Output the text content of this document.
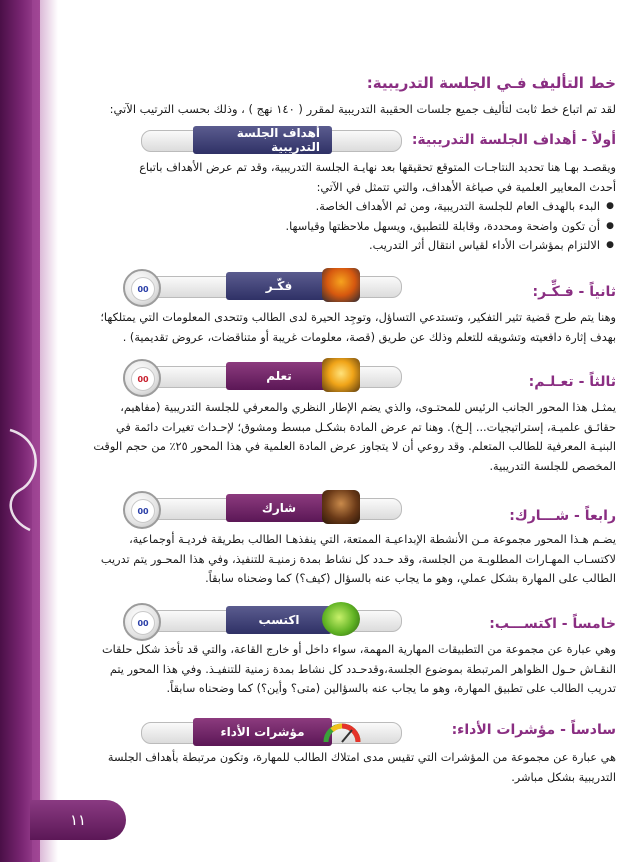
١١
خط التأليف فـي الجلسة التدريبية:
لقد تم اتباع خط ثابت لتأليف جميع جلسات الحقيبة التدريبية لمقرر ( ١٤٠ نهج ) ، وذلك بحسب الترتيب الآتي:
أهداف الجلسة التدريبية	أولاً - أهداف الجلسة التدريبية:
ويقصـد بهـا هنا تحديد النتاجـات المتوقع تحقيقها بعد نهايـة الجلسة التدريبية، وقد تم عرض الأهداف باتباع
أحدث المعايير العلمية في صياغة الأهداف، والتي تتمثل في الآتي:
● البدء بالهدف العام للجلسة التدريبية، ومن ثم الأهداف الخاصة.
● أن تكون واضحة ومحددة، وقابلة للتطبيق، ويسهل ملاحظتها وقياسها.
● الالتزام بمؤشرات الأداء لقياس انتقال أثر التدريب.
00	فكّـر	ثانياً - فـكِّـر:
وهنا يتم طرح قضية تثير التفكير، وتستدعي التساؤل، وتوجِد الحيرة لدى الطالب وتتحدى المعلومات التي يمتلكها؛
بهدف إثارة دافعيته وتشويقه للتعلم وذلك عن طريق (قصة، معلومات غريبة أو متناقضات، عروض تقديمية) .
00	تعلم	ثالثاً - تعـلـم:
يمثـل هذا المحور الجانب الرئيس للمحتـوى، والذي يضم الإطار النظري والمعرفي للجلسة التدريبية (مفاهيم،
حقائـق علميـة، إستراتيجيات... إلـخ). وهنا تم عرض المادة بشكـل مبسط ومشوق؛ لإحـداث تغيرات دائمة في
البنيـة المعرفية للطالب المتعلم. وقد روعي أن لا يتجاوز عرض المادة العلمية في هذا المحور ٢٥٪ من حجم الوقت
المخصص للجلسة التدريبية.
00	شارك	رابعاً - شـــارك:
يضـم هـذا المحور مجموعة مـن الأنشطة الإبداعيـة الممتعة، التي ينفذهـا الطالب بطريقة فرديـة أوجماعية،
لاكتسـاب المهـارات المطلوبـة من الجلسة، وقد حـدد كل نشاط بمدة زمنيـة للتنفيذ، وفي هذا المحـور يتم تدريب
الطالب على المهارة بشكل عملي، وهو ما يجاب عنه بالسؤال (كيف؟) كما وضحناه سابقاً.
00	اكتسب	خامساً - اكتســـب:
وهي عبارة عن مجموعة من التطبيقات المهارية المهمة، سواء داخل أو خارج القاعة، والتي قد تأخذ شكل حلقات
النقـاش حـول الظواهر المرتبطة بموضوع الجلسة،وقدحـدد كل نشاط بمدة زمنية للتنفيـذ. وفي هذا المحور يتم
تدريب الطالب على تطبيق المهارة، وهو ما يجاب عنه بالسؤالين (متى؟ وأين؟) كما وضحناه سابقاً.
مؤشرات الأداء	سادساً - مؤشرات الأداء:
هي عبارة عن مجموعة من المؤشرات التي تقيس مدى امتلاك الطالب للمهارة، وتكون مرتبطة بأهداف الجلسة
التدريبية بشكل مباشر.
